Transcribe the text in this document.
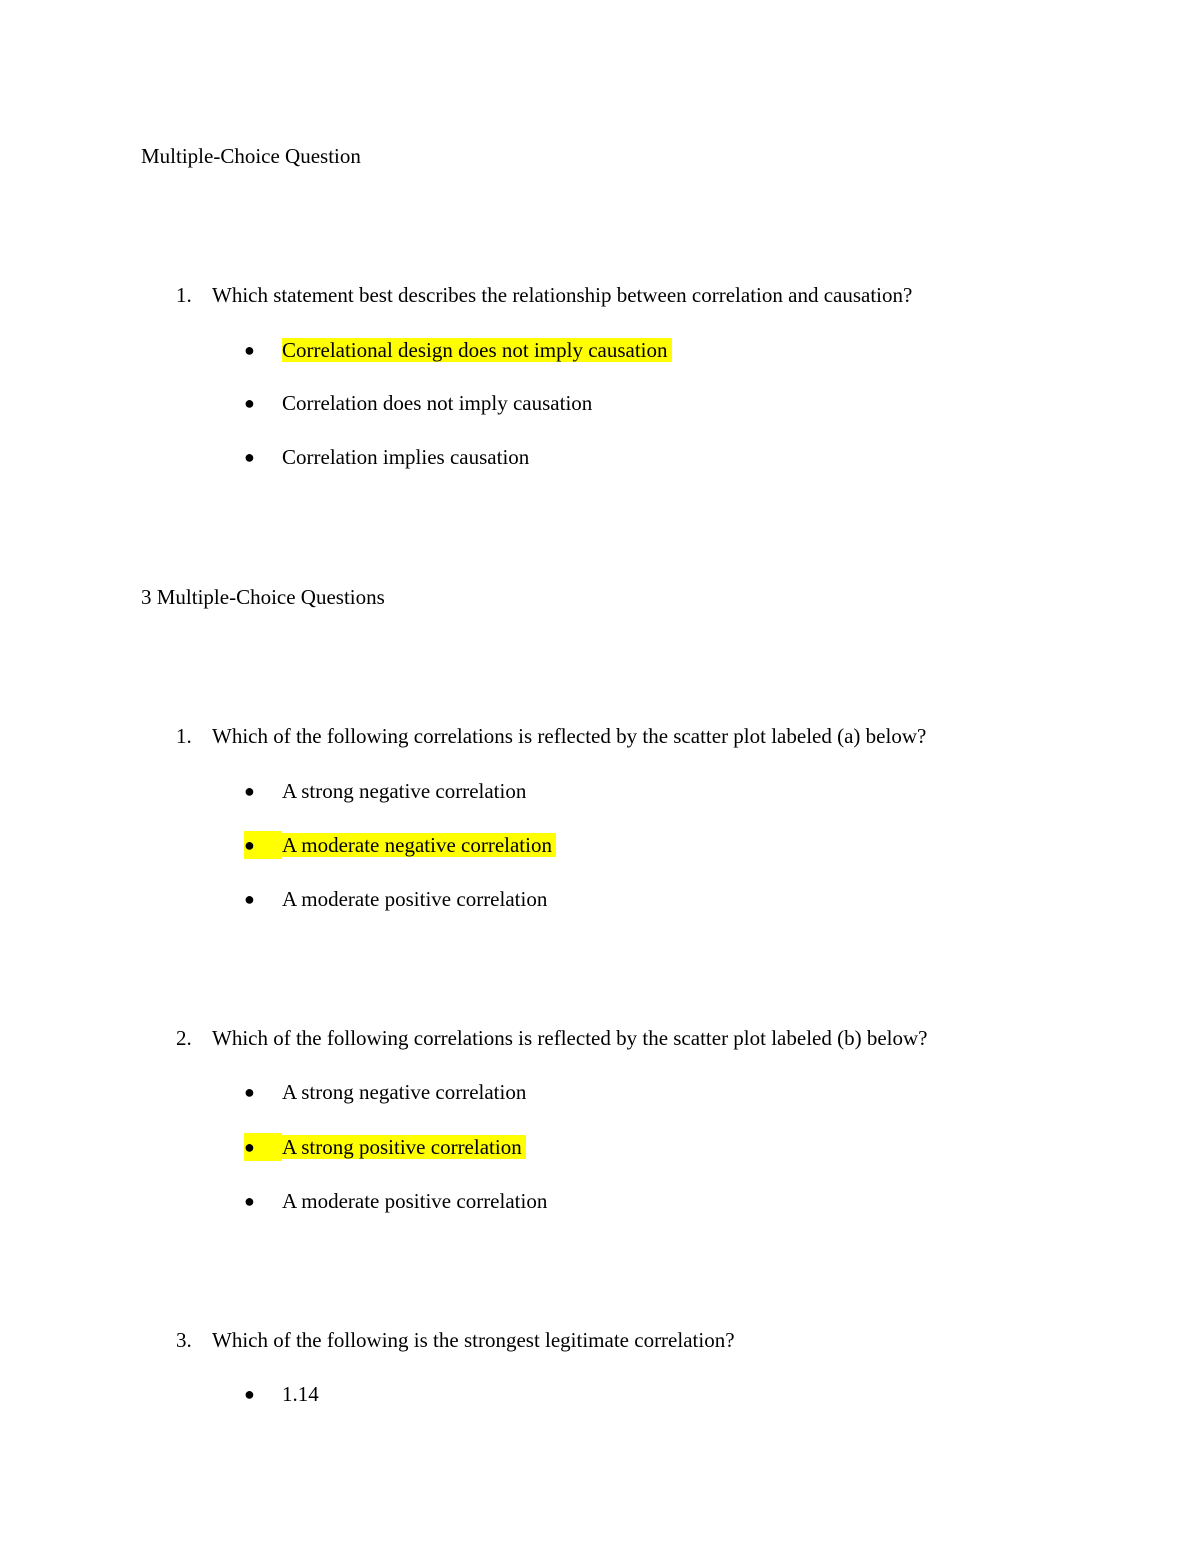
Multiple-Choice Question
1. Which statement best describes the relationship between correlation and causation?
● Correlational design does not imply causation
● Correlation does not imply causation
● Correlation implies causation
3 Multiple-Choice Questions
1. Which of the following correlations is reflected by the scatter plot labeled (a) below?
● A strong negative correlation
● A moderate negative correlation
● A moderate positive correlation
2. Which of the following correlations is reflected by the scatter plot labeled (b) below?
● A strong negative correlation
● A strong positive correlation
● A moderate positive correlation
3. Which of the following is the strongest legitimate correlation?
● 1.14
